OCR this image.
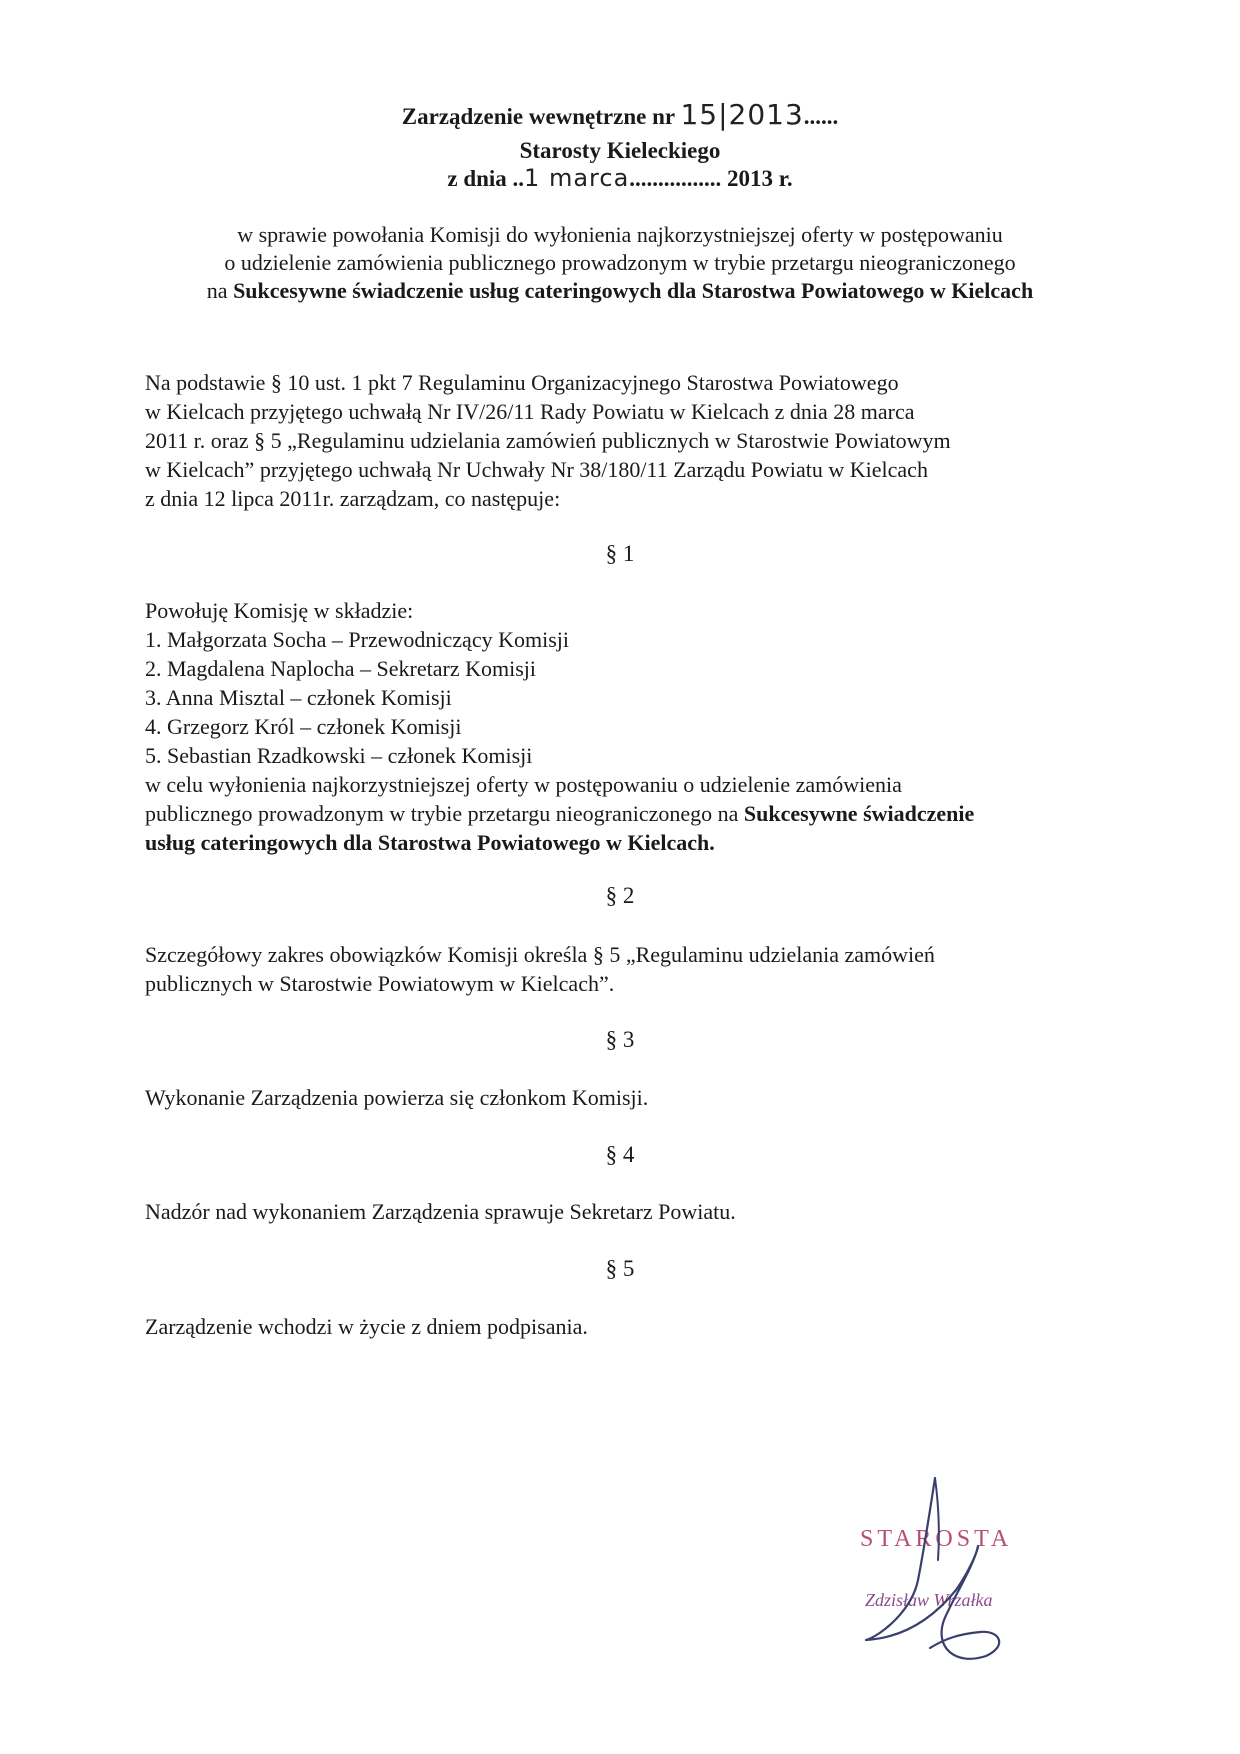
Zarządzenie wewnętrzne nr 15|2013......
Starosty Kieleckiego
z dnia ..1 marca................ 2013 r.
w sprawie powołania Komisji do wyłonienia najkorzystniejszej oferty w postępowaniu
o udzielenie zamówienia publicznego prowadzonym w trybie przetargu nieograniczonego
na Sukcesywne świadczenie usług cateringowych dla Starostwa Powiatowego w Kielcach
Na podstawie § 10 ust. 1 pkt 7 Regulaminu Organizacyjnego Starostwa Powiatowego
w Kielcach przyjętego uchwałą Nr IV/26/11 Rady Powiatu w Kielcach z dnia 28 marca
2011 r. oraz § 5 „Regulaminu udzielania zamówień publicznych w Starostwie Powiatowym
w Kielcach” przyjętego uchwałą Nr Uchwały Nr 38/180/11 Zarządu Powiatu w Kielcach
z dnia 12 lipca 2011r. zarządzam, co następuje:
§ 1
Powołuję Komisję w składzie:
1. Małgorzata Socha – Przewodniczący Komisji
2. Magdalena Naplocha – Sekretarz Komisji
3. Anna Misztal – członek Komisji
4. Grzegorz Król – członek Komisji
5. Sebastian Rzadkowski – członek Komisji
w celu wyłonienia najkorzystniejszej oferty w postępowaniu o udzielenie zamówienia
publicznego prowadzonym w trybie przetargu nieograniczonego na Sukcesywne świadczenie
usług cateringowych dla Starostwa Powiatowego w Kielcach.
§ 2
Szczegółowy zakres obowiązków Komisji określa § 5 „Regulaminu udzielania zamówień
publicznych w Starostwie Powiatowym w Kielcach”.
§ 3
Wykonanie Zarządzenia powierza się członkom Komisji.
§ 4
Nadzór nad wykonaniem Zarządzenia sprawuje Sekretarz Powiatu.
§ 5
Zarządzenie wchodzi w życie z dniem podpisania.
STAROSTA
Zdzisław Wrzałka
